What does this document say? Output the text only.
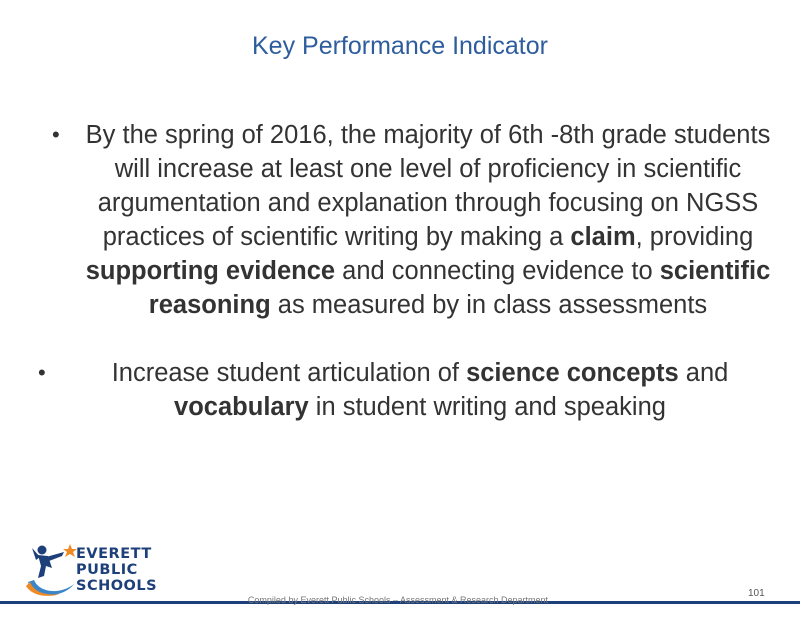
Key Performance Indicator

•	By the spring of 2016, the majority of 6th -8th grade students will increase at least one level of proficiency in scientific argumentation and explanation through focusing on NGSS practices of scientific writing by making a claim, providing supporting evidence and connecting evidence to scientific reasoning as measured by in class assessments

•	Increase student articulation of science concepts and vocabulary in student writing and speaking

EVERETT
PUBLIC
SCHOOLS
Compiled by Everett Public Schools – Assessment & Research Department
101
